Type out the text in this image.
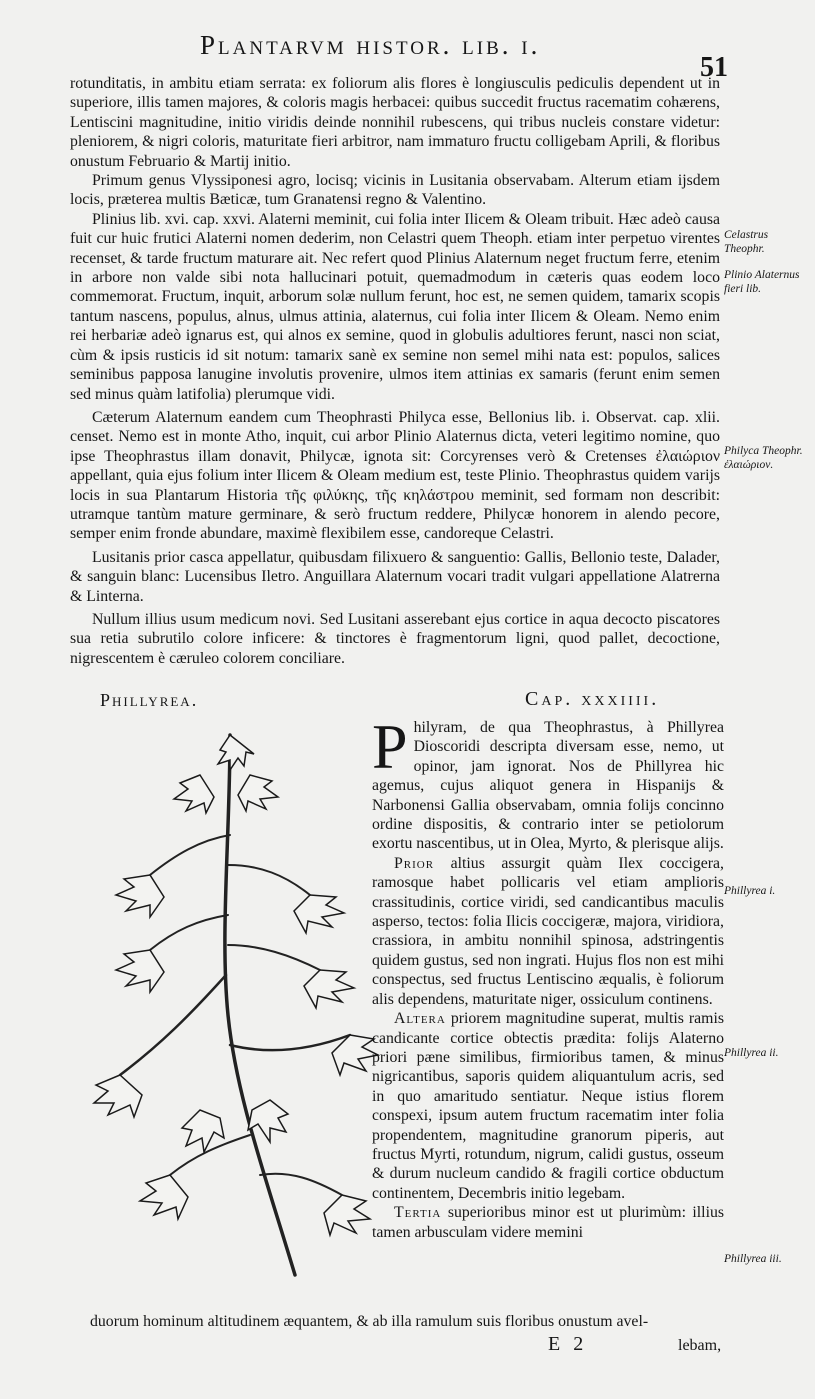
Plantarvm histor. lib. i.
51

rotunditatis, in ambitu etiam serrata: ex foliorum alis flores è longiusculis pediculis dependent ut in superiore, illis tamen majores, & coloris magis herbacei: quibus succedit fructus racematim cohærens, Lentiscini magnitudine, initio viridis deinde nonnihil rubescens, qui tribus nucleis constare videtur: pleniorem, & nigri coloris, maturitate fieri arbitror, nam immaturo fructu colligebam Aprili, & floribus onustum Februario & Martij initio.

Primum genus Vlyssiponesi agro, locisq; vicinis in Lusitania observabam. Alterum etiam ijsdem locis, præterea multis Bæticæ, tum Granatensi regno & Valentino.

Plinius lib. xvi. cap. xxvi. Alaterni meminit, cui folia inter Ilicem & Oleam tribuit. Hæc adeò causa fuit cur huic frutici Alaterni nomen dederim, non Celastri quem Theoph. etiam inter perpetuo virentes recenset, & tarde fructum maturare ait. Nec refert quod Plinius Alaternum neget fructum ferre, etenim in arbore non valde sibi nota hallucinari potuit, quemadmodum in cæteris quas eodem loco commemorat. Fructum, inquit, arborum solæ nullum ferunt, hoc est, ne semen quidem, tamarix scopis tantum nascens, populus, alnus, ulmus attinia, alaternus, cui folia inter Ilicem & Oleam. Nemo enim rei herbariæ adeò ignarus est, qui alnos ex semine, quod in globulis adultiores ferunt, nasci non sciat, cùm & ipsis rusticis id sit notum: tamarix sanè ex semine non semel mihi nata est: populos, salices seminibus papposa lanugine involutis provenire, ulmos item attinias ex samaris (ferunt enim semen sed minus quàm latifolia) plerumque vidi.

Cæterum Alaternum eandem cum Theophrasti Philyca esse, Bellonius lib. i. Observat. cap. xlii. censet. Nemo est in monte Atho, inquit, cui arbor Plinio Alaternus dicta, veteri legitimo nomine, quo ipse Theophrastus illam donavit, Philycæ, ignota sit: Corcyrenses verò & Cretenses ἐλαιώριον appellant, quia ejus folium inter Ilicem & Oleam medium est, teste Plinio. Theophrastus quidem varijs locis in sua Plantarum Historia τῆς φιλύκης, τῆς κηλάστρου meminit, sed formam non describit: utramque tantùm mature germinare, & serò fructum reddere, Philycæ honorem in alendo pecore, semper enim fronde abundare, maximè flexibilem esse, candoreque Celastri.

Lusitanis prior casca appellatur, quibusdam filixuero & sanguentio: Gallis, Bellonio teste, Dalader, & sanguin blanc: Lucensibus Iletro. Anguillara Alaternum vocari tradit vulgari appellatione Alatrerna & Linterna.

Nullum illius usum medicum novi. Sed Lusitani asserebant ejus cortice in aqua decocto piscatores sua retia subrutilo colore inficere: & tinctores è fragmentorum ligni, quod pallet, decoctione, nigrescentem è cæruleo colorem conciliare.

Celastrus Theophr.
Plinio Alaternus fieri lib.
Philyca Theophr. ἐλαιώριον.
Phillyrea i.
Phillyrea ii.
Phillyrea iii.
Phillyrea.	Cap. xxxiiii.

Philyram, de qua Theophrastus, à Phillyrea Dioscoridi descripta diversam esse, nemo, ut opinor, jam ignorat. Nos de Phillyrea hic agemus, cujus aliquot genera in Hispanijs & Narbonensi Gallia observabam, omnia folijs concinno ordine dispositis, & contrario inter se petiolorum exortu nascentibus, ut in Olea, Myrto, & plerisque alijs.

Prior altius assurgit quàm Ilex coccigera, ramosque habet pollicaris vel etiam amplioris crassitudinis, cortice viridi, sed candicantibus maculis asperso, tectos: folia Ilicis coccigeræ, majora, viridiora, crassiora, in ambitu nonnihil spinosa, adstringentis quidem gustus, sed non ingrati. Hujus flos non est mihi conspectus, sed fructus Lentiscino æqualis, è foliorum alis dependens, maturitate niger, ossiculum continens.

Altera priorem magnitudine superat, multis ramis candicante cortice obtectis prædita: folijs Alaterno priori pæne similibus, firmioribus tamen, & minus nigricantibus, saporis quidem aliquantulum acris, sed in quo amaritudo sentiatur. Neque istius florem conspexi, ipsum autem fructum racematim inter folia propendentem, magnitudine granorum piperis, aut fructus Myrti, rotundum, nigrum, calidi gustus, osseum & durum nucleum candido & fragili cortice obductum continentem, Decembris initio legebam.

Tertia superioribus minor est ut plurimùm: illius tamen arbusculam videre memini

duorum hominum altitudinem æquantem, & ab illa ramulum suis floribus onustum avel-
E 2	lebam,
